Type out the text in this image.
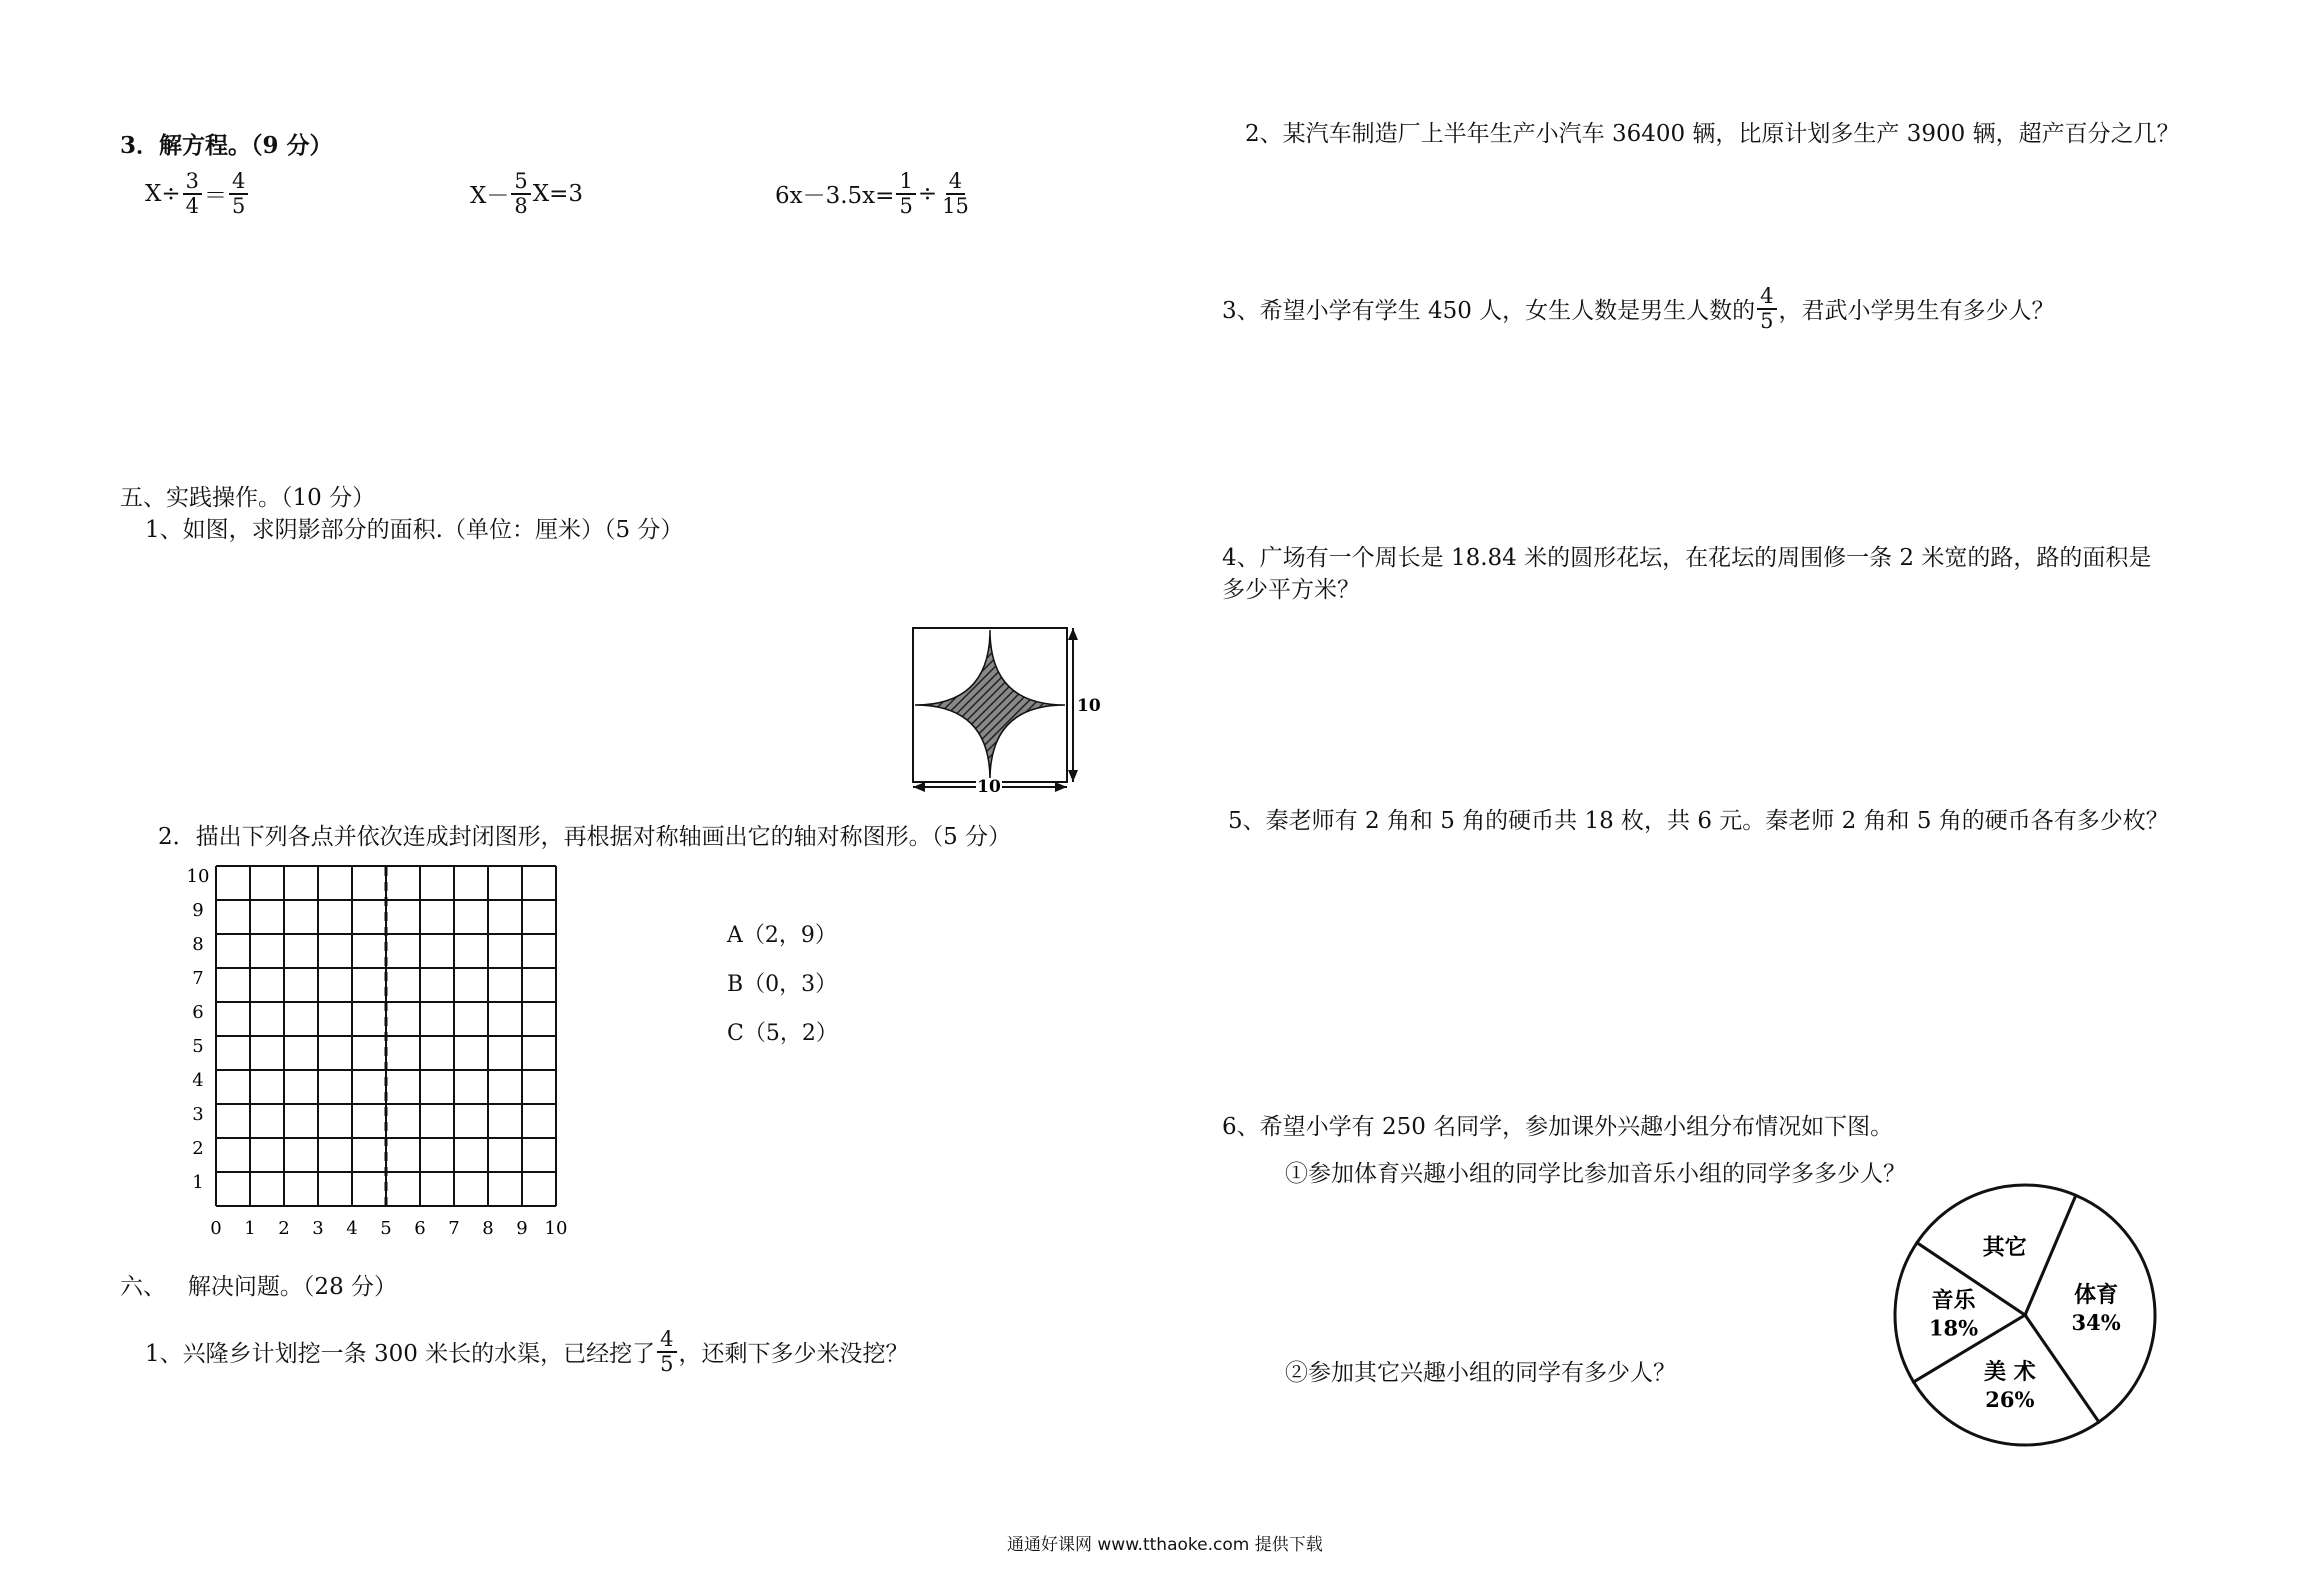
3．解方程。（9 分）
$X\div \frac{3}{4} = \frac{4}{5}$	$X- \frac{5}{8} X=3$	$6x-3.5x= \frac{1}{5} \div \frac{4}{15}$
五、实践操作。（10 分）
1、如图，求阴影部分的面积.（单位：厘米）（5 分）
10
10
2．描出下列各点并依次连成封闭图形，再根据对称轴画出它的轴对称图形。（5 分）
10
9
8
7
6
5
4
3
2
1
0 1 2 3 4 5 6 7 8 9 10
A（2，9）
B（0，3）
C（5，2）
六、   解决问题。（28 分）
1、兴隆乡计划挖一条 300 米长的水渠，已经挖了 $\frac{4}{5}$ ，还剩下多少米没挖？
2、某汽车制造厂上半年生产小汽车 36400 辆，比原计划多生产 3900 辆，超产百分之几？
3、希望小学有学生 450 人，女生人数是男生人数的 $\frac{4}{5}$ ，君武小学男生有多少人？
4、广场有一个周长是 18.84 米的圆形花坛，在花坛的周围修一条 2 米宽的路，路的面积是
多少平方米？
5、秦老师有 2 角和 5 角的硬币共 18 枚，共 6 元。秦老师 2 角和 5 角的硬币各有多少枚？
6、希望小学有 250 名同学，参加课外兴趣小组分布情况如下图。
①参加体育兴趣小组的同学比参加音乐小组的同学多多少人？
②参加其它兴趣小组的同学有多少人？
体育
34%
美 术
26%
音乐
18%
其它
通通好课网 www.tthaoke.com 提供下载
